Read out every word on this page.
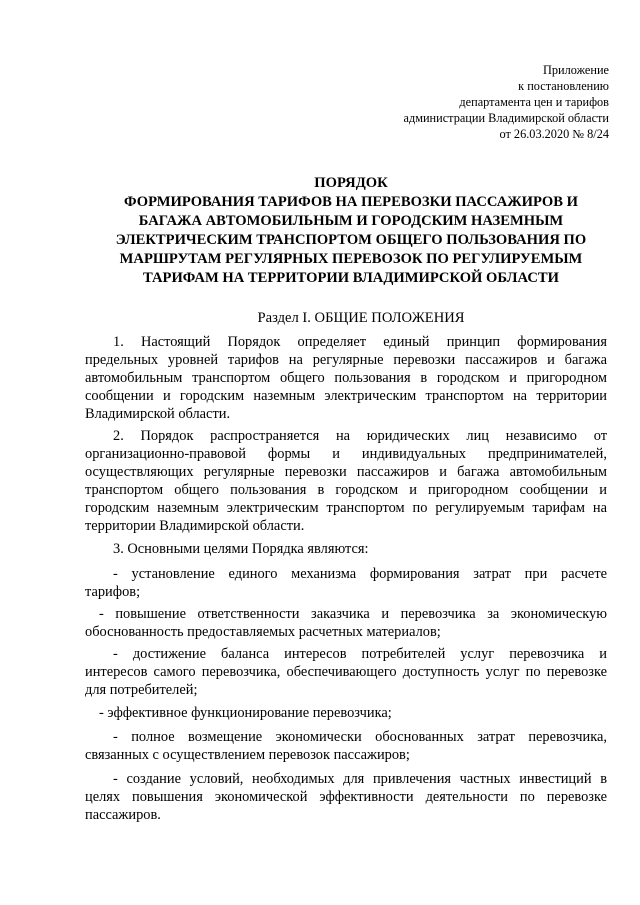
Приложение
к постановлению
департамента цен и тарифов
администрации Владимирской области
от 26.03.2020 № 8/24
ПОРЯДОК
ФОРМИРОВАНИЯ ТАРИФОВ НА ПЕРЕВОЗКИ ПАССАЖИРОВ И
БАГАЖА АВТОМОБИЛЬНЫМ И ГОРОДСКИМ НАЗЕМНЫМ
ЭЛЕКТРИЧЕСКИМ ТРАНСПОРТОМ ОБЩЕГО ПОЛЬЗОВАНИЯ ПО
МАРШРУТАМ РЕГУЛЯРНЫХ ПЕРЕВОЗОК ПО РЕГУЛИРУЕМЫМ
ТАРИФАМ НА ТЕРРИТОРИИ ВЛАДИМИРСКОЙ ОБЛАСТИ
Раздел I. ОБЩИЕ ПОЛОЖЕНИЯ
1. Настоящий Порядок определяет единый принцип формирования
предельных уровней тарифов на регулярные перевозки пассажиров и багажа
автомобильным транспортом общего пользования в городском и пригородном
сообщении и городским наземным электрическим транспортом на территории
Владимирской области.
2. Порядок распространяется на юридических лиц независимо от
организационно-правовой формы и индивидуальных предпринимателей,
осуществляющих регулярные перевозки пассажиров и багажа автомобильным
транспортом общего пользования в городском и пригородном сообщении и
городским наземным электрическим транспортом по регулируемым тарифам на
территории Владимирской области.
3. Основными целями Порядка являются:
- установление единого механизма формирования затрат при расчете
тарифов;
- повышение ответственности заказчика и перевозчика за экономическую
обоснованность предоставляемых расчетных материалов;
- достижение баланса интересов потребителей услуг перевозчика и
интересов самого перевозчика, обеспечивающего доступность услуг по перевозке
для потребителей;
- эффективное функционирование перевозчика;
- полное возмещение экономически обоснованных затрат перевозчика,
связанных с осуществлением перевозок пассажиров;
- создание условий, необходимых для привлечения частных инвестиций в
целях повышения экономической эффективности деятельности по перевозке
пассажиров.
